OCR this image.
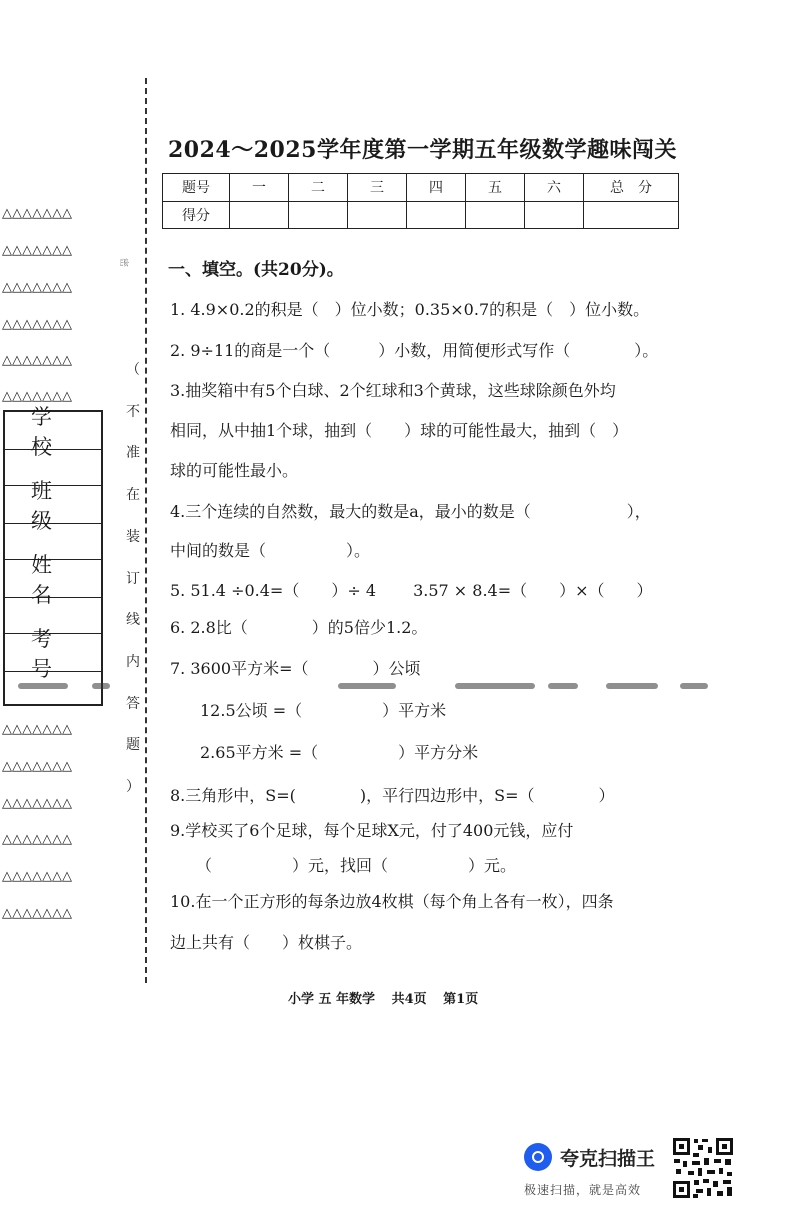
△△△△△△△
△△△△△△△
△△△△△△△
△△△△△△△
△△△△△△△
△△△△△△△
学校
班级
姓名
考号
△△△△△△△
△△△△△△△
△△△△△△△
△△△△△△△
△△△△△△△
△△△△△△△
密
（
不
准
在
装
订
线
内
答
题
）
2024～2025学年度第一学期五年级数学趣味闯关
题号	一	二	三	四	五	六	总　分
得分							
一、填空。(共20分)。
1. 4.9×0.2的积是（　）位小数；0.35×0.7的积是（　）位小数。
2. 9÷11的商是一个（　　　）小数，用简便形式写作（　　　　）。
3.抽奖箱中有5个白球、2个红球和3个黄球，这些球除颜色外均
相同，从中抽1个球，抽到（　　）球的可能性最大，抽到（　）
球的可能性最小。
4.三个连续的自然数，最大的数是a，最小的数是（　　　　　　），
中间的数是（　　　　　）。
5. 51.4 ÷0.4=（　　）÷ 4　　 3.57 × 8.4=（　　）×（　　）
6. 2.8比（　　　　）的5倍少1.2。
7. 3600平方米=（　　　　）公顷
12.5公顷 =（　　　　　）平方米
2.65平方米 =（　　　　　）平方分米
8.三角形中，S=(　　　　)，平行四边形中，S=（　　　　）
9.学校买了6个足球，每个足球X元，付了400元钱，应付
（　　　　　）元，找回（　　　　　）元。
10.在一个正方形的每条边放4枚棋（每个角上各有一枚），四条
边上共有（　　）枚棋子。
小学 五 年数学 共4页 第1页
夸克扫描王
极速扫描，就是高效
